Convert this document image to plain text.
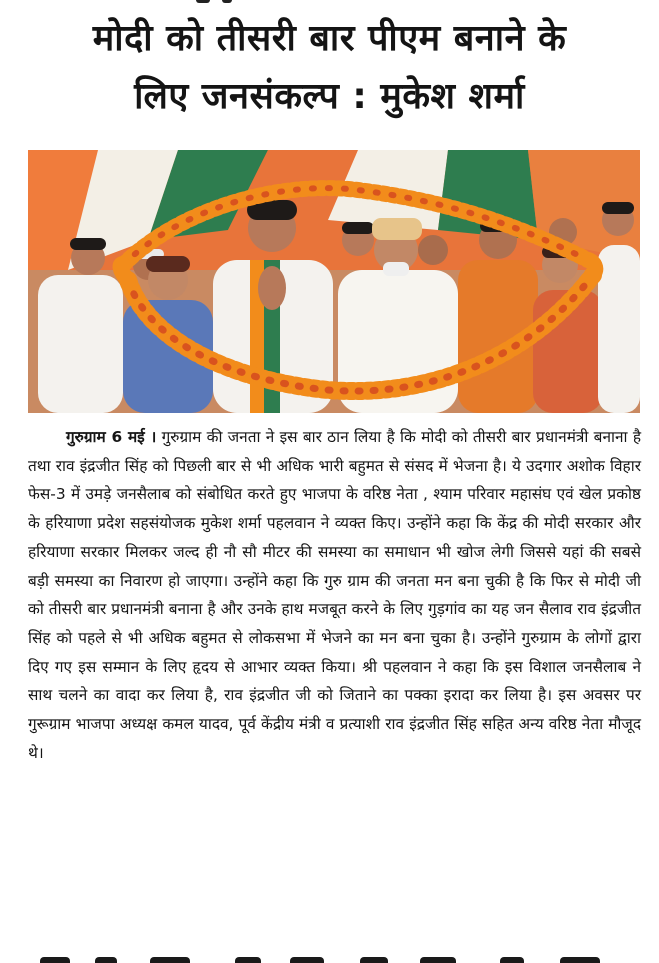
मोदी को तीसरी बार पीएम बनाने के
लिए जनसंकल्प : मुकेश शर्मा

गुरुग्राम 6 मई । गुरुग्राम की जनता ने इस बार ठान लिया है कि मोदी को तीसरी बार प्रधानमंत्री बनाना है तथा राव इंद्रजीत सिंह को पिछली बार से भी अधिक भारी बहुमत से संसद में भेजना है। ये उदगार अशोक विहार फेस-3 में उमड़े जनसैलाब को संबोधित करते हुए भाजपा के वरिष्ठ नेता , श्याम परिवार महासंघ एवं खेल प्रकोष्ठ के हरियाणा प्रदेश सहसंयोजक मुकेश शर्मा पहलवान ने व्यक्त किए। उन्होंने कहा कि केंद्र की मोदी सरकार और हरियाणा सरकार मिलकर जल्द ही नौ सौ मीटर की समस्या का समाधान भी खोज लेगी जिससे यहां की सबसे बड़ी समस्या का निवारण हो जाएगा। उन्होंने कहा कि गुरु ग्राम की जनता मन बना चुकी है कि फिर से मोदी जी को तीसरी बार प्रधानमंत्री बनाना है और उनके हाथ मजबूत करने के लिए गुड़गांव का यह जन सैलाव राव इंद्रजीत सिंह को पहले से भी अधिक बहुमत से लोकसभा में भेजने का मन बना चुका है। उन्होंने गुरुग्राम के लोगों द्वारा दिए गए इस सम्मान के लिए हृदय से आभार व्यक्त किया। श्री पहलवान ने कहा कि इस विशाल जनसैलाब ने साथ चलने का वादा कर लिया है, राव इंद्रजीत जी को जिताने का पक्का इरादा कर लिया है। इस अवसर पर गुरूग्राम भाजपा अध्यक्ष कमल यादव, पूर्व केंद्रीय मंत्री व प्रत्याशी राव इंद्रजीत सिंह सहित अन्य वरिष्ठ नेता मौजूद थे।
